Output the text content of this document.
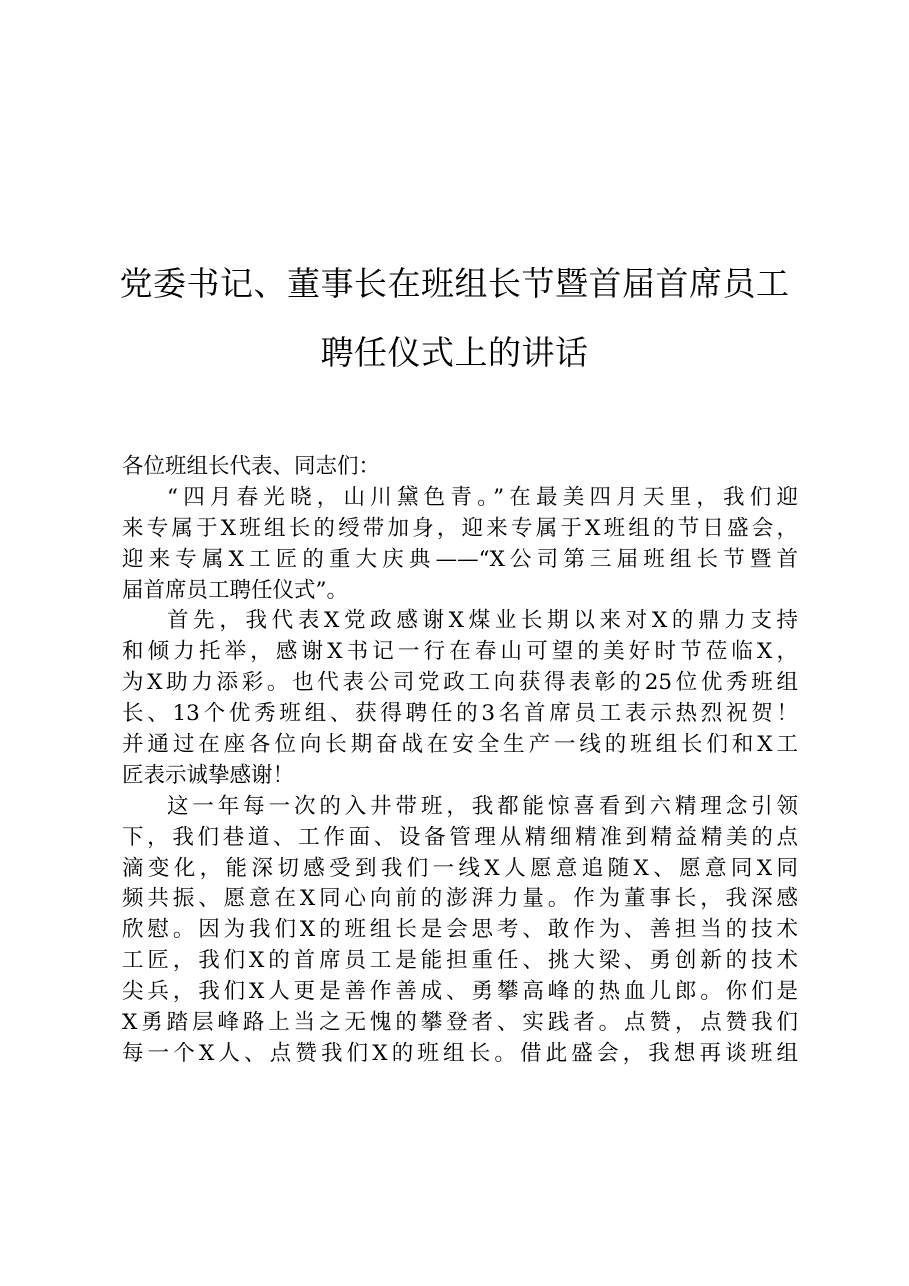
党委书记、董事长在班组长节暨首届首席员工
聘任仪式上的讲话
各位班组长代表、同志们：
“四月春光晓，山川黛色青。”在最美四月天里，我们迎
来专属于X班组长的绶带加身，迎来专属于X班组的节日盛会，
迎来专属X工匠的重大庆典——“X公司第三届班组长节暨首
届首席员工聘任仪式”。
首先，我代表X党政感谢X煤业长期以来对X的鼎力支持
和倾力托举，感谢X书记一行在春山可望的美好时节莅临X，
为X助力添彩。也代表公司党政工向获得表彰的25位优秀班组
长、13个优秀班组、获得聘任的3名首席员工表示热烈祝贺！
并通过在座各位向长期奋战在安全生产一线的班组长们和X工
匠表示诚挚感谢！
这一年每一次的入井带班，我都能惊喜看到六精理念引领
下，我们巷道、工作面、设备管理从精细精准到精益精美的点
滴变化，能深切感受到我们一线X人愿意追随X、愿意同X同
频共振、愿意在X同心向前的澎湃力量。作为董事长，我深感
欣慰。因为我们X的班组长是会思考、敢作为、善担当的技术
工匠，我们X的首席员工是能担重任、挑大梁、勇创新的技术
尖兵，我们X人更是善作善成、勇攀高峰的热血儿郎。你们是
X勇踏层峰路上当之无愧的攀登者、实践者。点赞，点赞我们
每一个X人、点赞我们X的班组长。借此盛会，我想再谈班组
